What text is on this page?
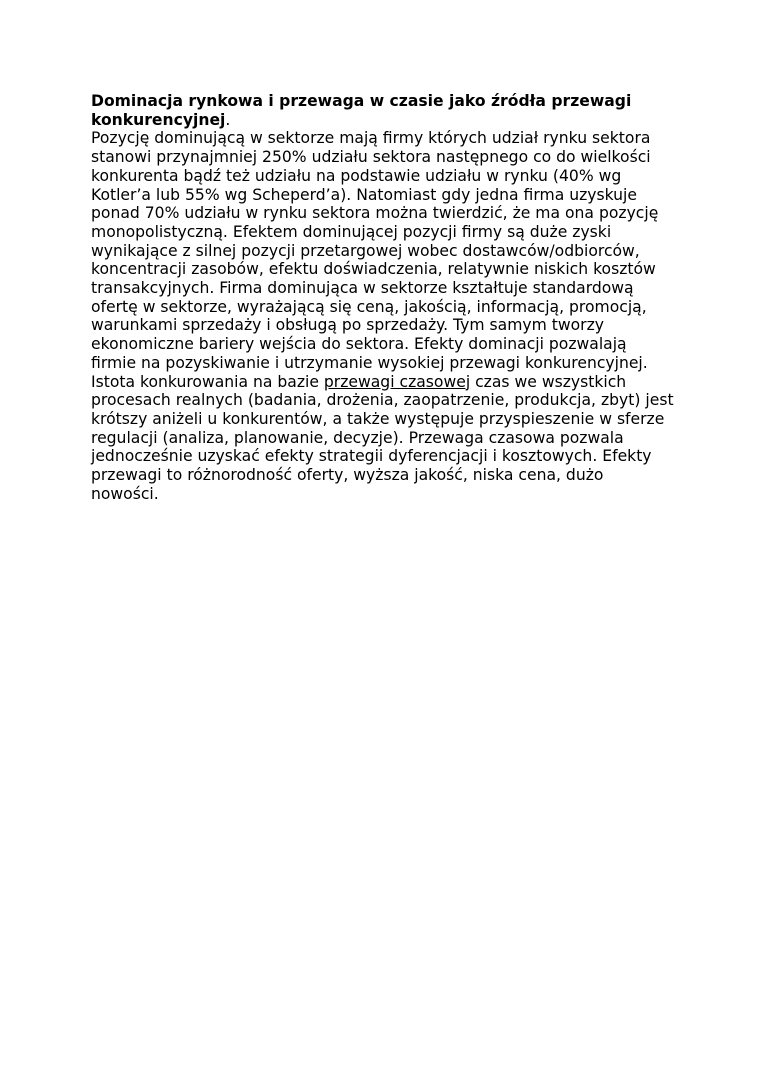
Dominacja rynkowa i przewaga w czasie jako źródła przewagi
konkurencyjnej.
Pozycję dominującą w sektorze mają firmy których udział rynku sektora
stanowi przynajmniej 250% udziału sektora następnego co do wielkości
konkurenta bądź też udziału na podstawie udziału w rynku (40% wg
Kotler’a lub 55% wg Scheperd’a). Natomiast gdy jedna firma uzyskuje
ponad 70% udziału w rynku sektora można twierdzić, że ma ona pozycję
monopolistyczną. Efektem dominującej pozycji firmy są duże zyski
wynikające z silnej pozycji przetargowej wobec dostawców/odbiorców,
koncentracji zasobów, efektu doświadczenia, relatywnie niskich kosztów
transakcyjnych. Firma dominująca w sektorze kształtuje standardową
ofertę w sektorze, wyrażającą się ceną, jakością, informacją, promocją,
warunkami sprzedaży i obsługą po sprzedaży. Tym samym tworzy
ekonomiczne bariery wejścia do sektora. Efekty dominacji pozwalają
firmie na pozyskiwanie i utrzymanie wysokiej przewagi konkurencyjnej.
Istota konkurowania na bazie przewagi czasowej czas we wszystkich
procesach realnych (badania, drożenia, zaopatrzenie, produkcja, zbyt) jest
krótszy aniżeli u konkurentów, a także występuje przyspieszenie w sferze
regulacji (analiza, planowanie, decyzje). Przewaga czasowa pozwala
jednocześnie uzyskać efekty strategii dyferencjacji i kosztowych. Efekty
przewagi to różnorodność oferty, wyższa jakość, niska cena, dużo
nowości.
